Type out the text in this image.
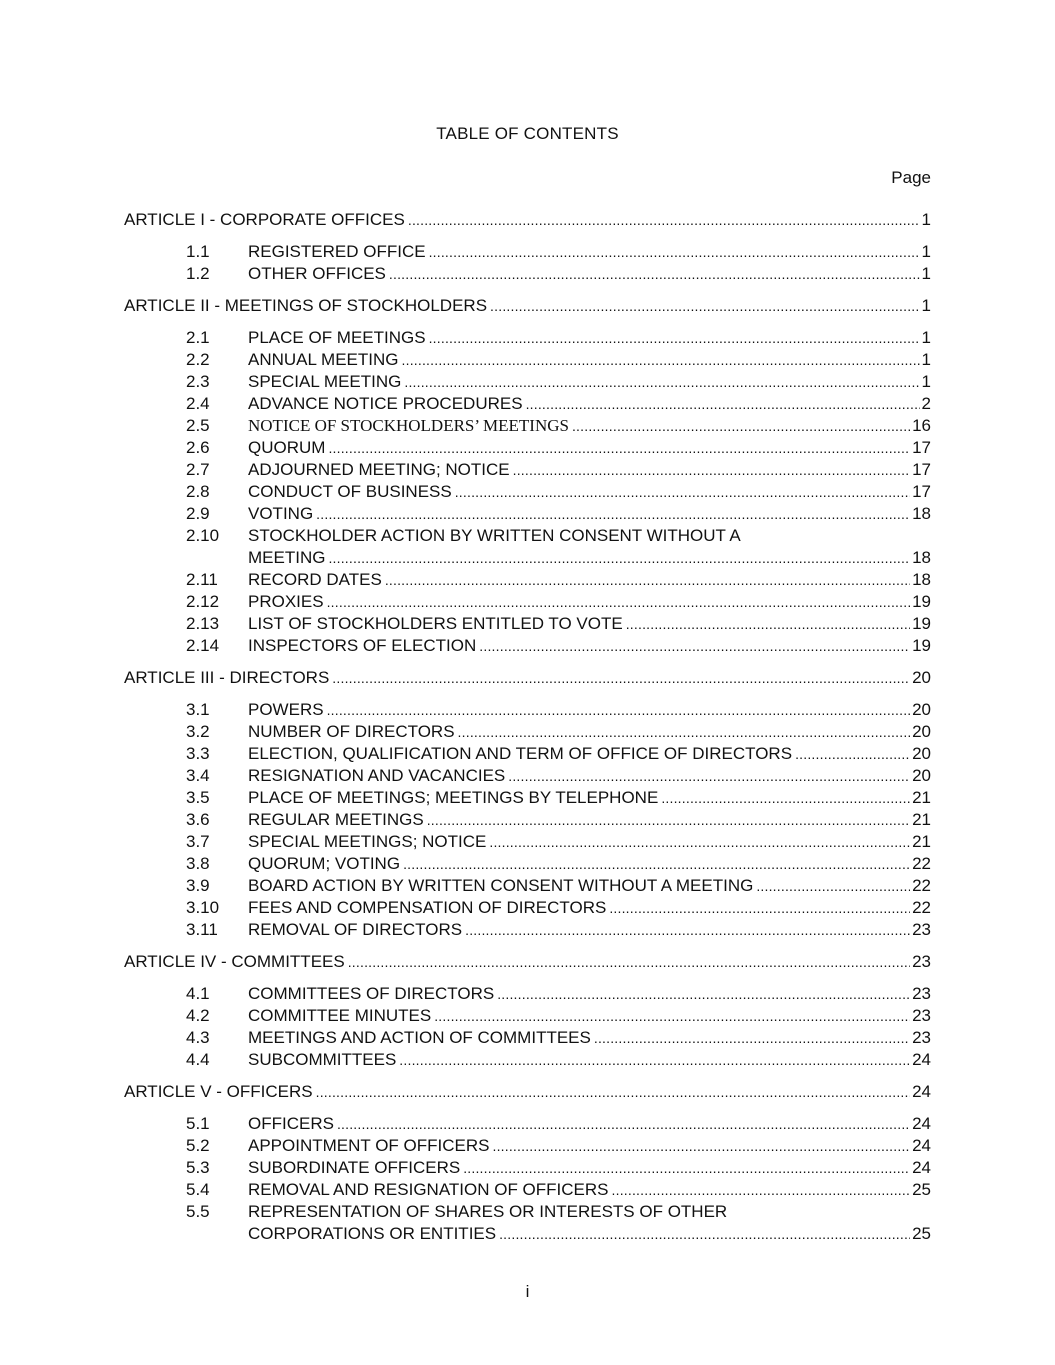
TABLE OF CONTENTS
Page
ARTICLE I - CORPORATE OFFICES .....	1
1.1	REGISTERED OFFICE .....	1
1.2	OTHER OFFICES .....	1
ARTICLE II - MEETINGS OF STOCKHOLDERS .....	1
2.1	PLACE OF MEETINGS .....	1
2.2	ANNUAL MEETING .....	1
2.3	SPECIAL MEETING .....	1
2.4	ADVANCE NOTICE PROCEDURES .....	2
2.5	NOTICE OF STOCKHOLDERS’ MEETINGS .....	16
2.6	QUORUM .....	17
2.7	ADJOURNED MEETING; NOTICE .....	17
2.8	CONDUCT OF BUSINESS .....	17
2.9	VOTING .....	18
2.10 STOCKHOLDER ACTION BY WRITTEN CONSENT WITHOUT A
MEETING .....	18
2.11	RECORD DATES .....	18
2.12	PROXIES .....	19
2.13	LIST OF STOCKHOLDERS ENTITLED TO VOTE .....	19
2.14	INSPECTORS OF ELECTION .....	19
ARTICLE III - DIRECTORS .....	20
3.1	POWERS .....	20
3.2	NUMBER OF DIRECTORS .....	20
3.3	ELECTION, QUALIFICATION AND TERM OF OFFICE OF DIRECTORS .....	20
3.4	RESIGNATION AND VACANCIES .....	20
3.5	PLACE OF MEETINGS; MEETINGS BY TELEPHONE .....	21
3.6	REGULAR MEETINGS .....	21
3.7	SPECIAL MEETINGS; NOTICE .....	21
3.8	QUORUM; VOTING .....	22
3.9	BOARD ACTION BY WRITTEN CONSENT WITHOUT A MEETING .....	22
3.10	FEES AND COMPENSATION OF DIRECTORS .....	22
3.11	REMOVAL OF DIRECTORS .....	23
ARTICLE IV - COMMITTEES .....	23
4.1	COMMITTEES OF DIRECTORS .....	23
4.2	COMMITTEE MINUTES .....	23
4.3	MEETINGS AND ACTION OF COMMITTEES .....	23
4.4	SUBCOMMITTEES .....	24
ARTICLE V - OFFICERS .....	24
5.1	OFFICERS .....	24
5.2	APPOINTMENT OF OFFICERS .....	24
5.3	SUBORDINATE OFFICERS .....	24
5.4	REMOVAL AND RESIGNATION OF OFFICERS .....	25
5.5 REPRESENTATION OF SHARES OR INTERESTS OF OTHER
CORPORATIONS OR ENTITIES .....	25
i
